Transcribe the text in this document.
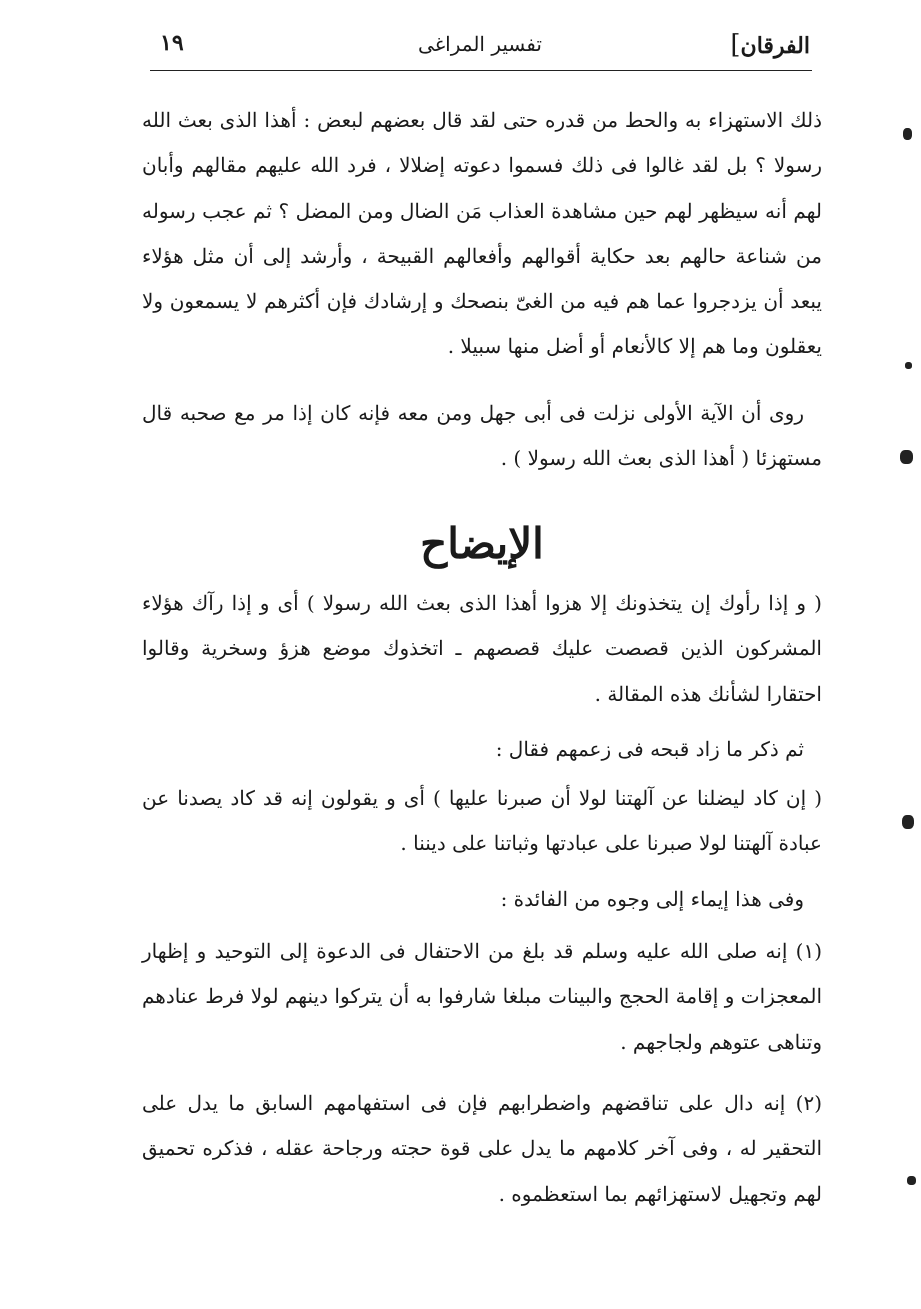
الفرقان]
تفسير المراغى
١٩
ذلك الاستهزاء به والحط من قدره حتى لقد قال بعضهم لبعض : أهذا الذى بعث الله رسولا ؟ بل لقد غالوا فى ذلك فسموا دعوته إضلالا ، فرد الله عليهم مقالهم وأبان لهم أنه سيظهر لهم حين مشاهدة العذاب مَن الضال ومن المضل ؟ ثم عجب رسوله من شناعة حالهم بعد حكاية أقوالهم وأفعالهم القبيحة ، وأرشد إلى أن مثل هؤلاء يبعد أن يزدجروا عما هم فيه من الغىّ بنصحك و إرشادك فإن أكثرهم لا يسمعون ولا يعقلون وما هم إلا كالأنعام أو أضل منها سبيلا .
روى أن الآية الأولى نزلت فى أبى جهل ومن معه فإنه كان إذا مر مع صحبه قال مستهزئا ( أهذا الذى بعث الله رسولا ) .
الإيضاح
( و إذا رأوك إن يتخذونك إلا هزوا أهذا الذى بعث الله رسولا ) أى و إذا رآك هؤلاء المشركون الذين قصصت عليك قصصهم ـ اتخذوك موضع هزؤ وسخرية وقالوا احتقارا لشأنك هذه المقالة .
ثم ذكر ما زاد قبحه فى زعمهم فقال :
( إن كاد ليضلنا عن آلهتنا لولا أن صبرنا عليها ) أى و يقولون إنه قد كاد يصدنا عن عبادة آلهتنا لولا صبرنا على عبادتها وثباتنا على ديننا .
وفى هذا إيماء إلى وجوه من الفائدة :
(١) إنه صلى الله عليه وسلم قد بلغ من الاحتفال فى الدعوة إلى التوحيد و إظهار المعجزات و إقامة الحجج والبينات مبلغا شارفوا به أن يتركوا دينهم لولا فرط عنادهم وتناهى عتوهم ولجاجهم .
(٢) إنه دال على تناقضهم واضطرابهم فإن فى استفهامهم السابق ما يدل على التحقير له ، وفى آخر كلامهم ما يدل على قوة حجته ورجاحة عقله ، فذكره تحميق لهم وتجهيل لاستهزائهم بما استعظموه .
